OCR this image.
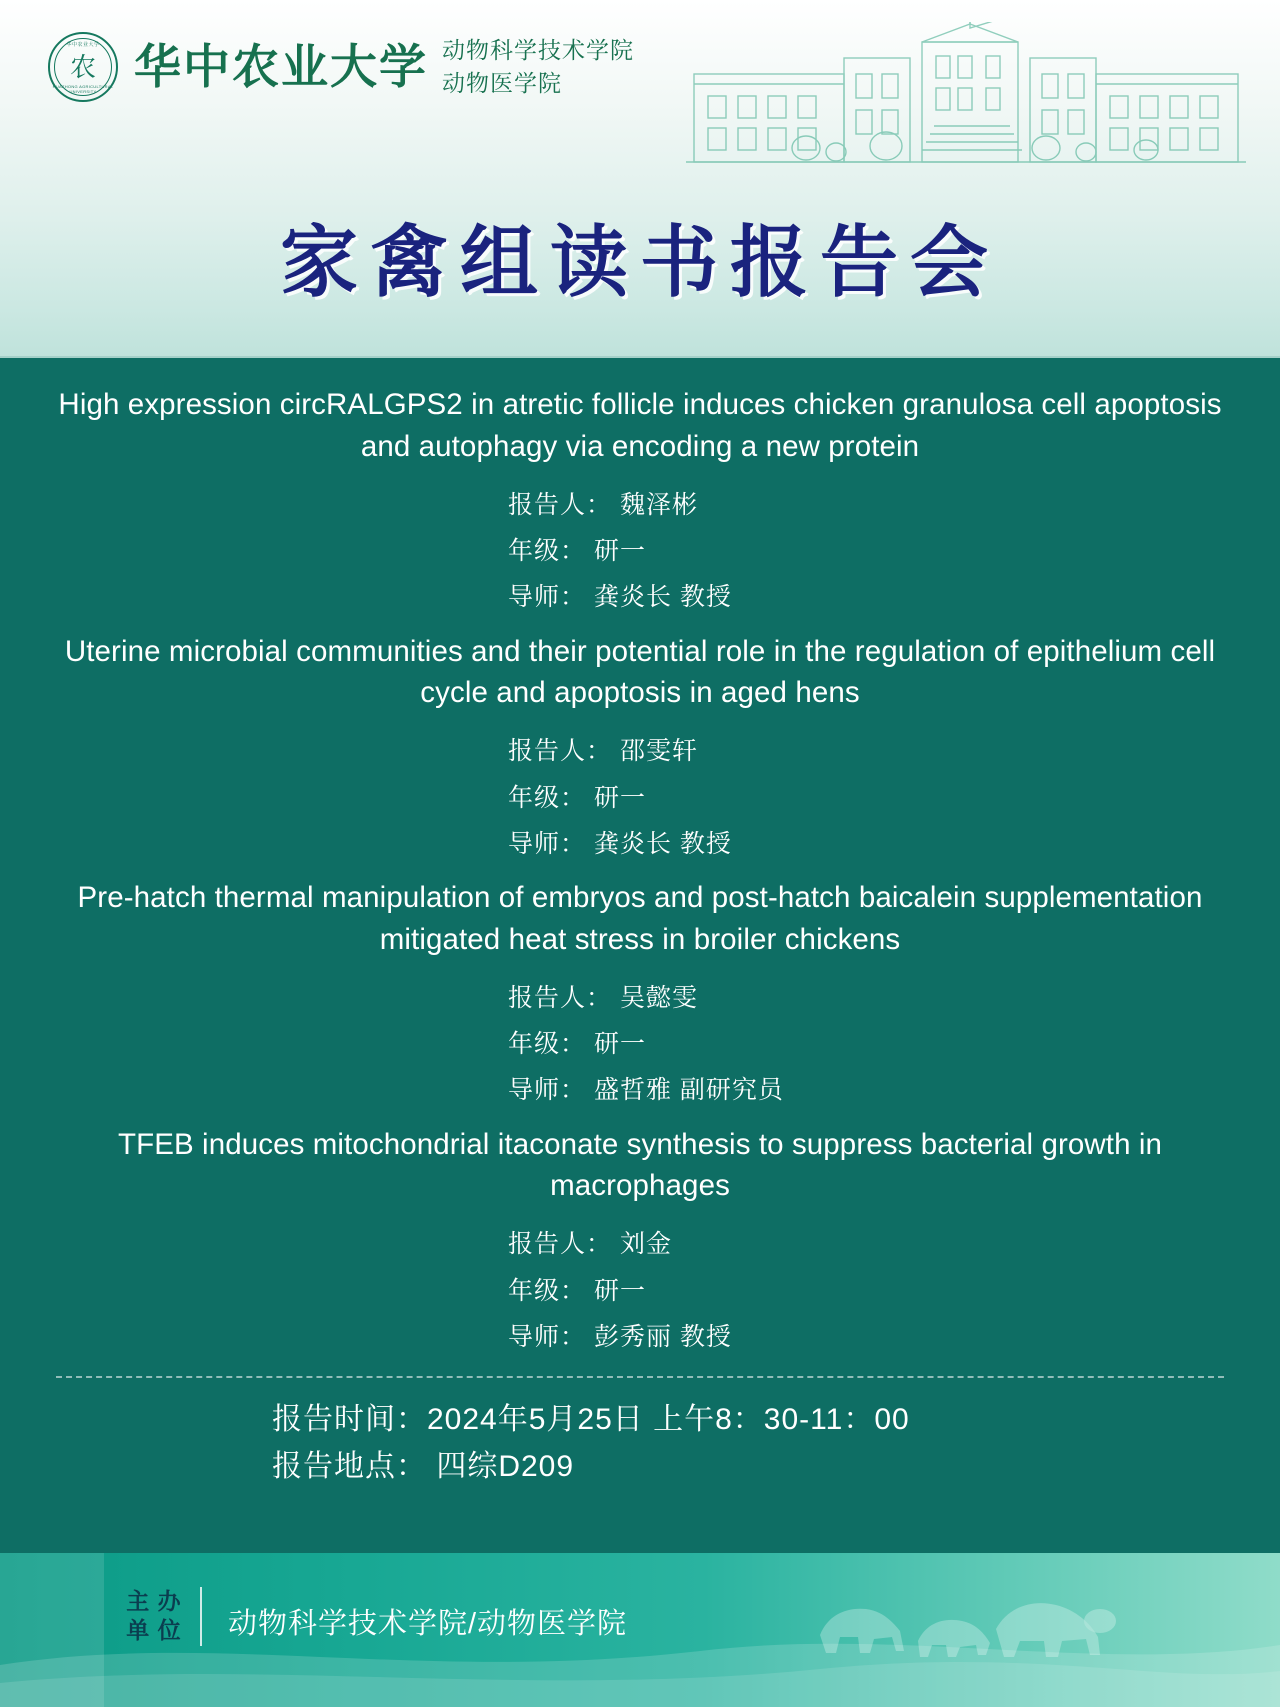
华中农业大学
农
HUAZHONG AGRICULTURAL UNIVERSITY 华中农业大学 动物科学技术学院
动物医学院
家禽组读书报告会
High expression circRALGPS2 in atretic follicle induces chicken granulosa cell apoptosis and autophagy via encoding a new protein
报告人： 魏泽彬
年级： 研一
导师： 龚炎长 教授
Uterine microbial communities and their potential role in the regulation of epithelium cell cycle and apoptosis in aged hens
报告人： 邵雯轩
年级： 研一
导师： 龚炎长 教授
Pre-hatch thermal manipulation of embryos and post-hatch baicalein supplementation mitigated heat stress in broiler chickens
报告人： 吴懿雯
年级： 研一
导师： 盛哲雅 副研究员
TFEB induces mitochondrial itaconate synthesis to suppress bacterial growth in macrophages
报告人： 刘金
年级： 研一
导师： 彭秀丽 教授
报告时间：2024年5月25日 上午8：30-11：00
报告地点： 四综D209
主 办
单 位 动物科学技术学院/动物医学院
